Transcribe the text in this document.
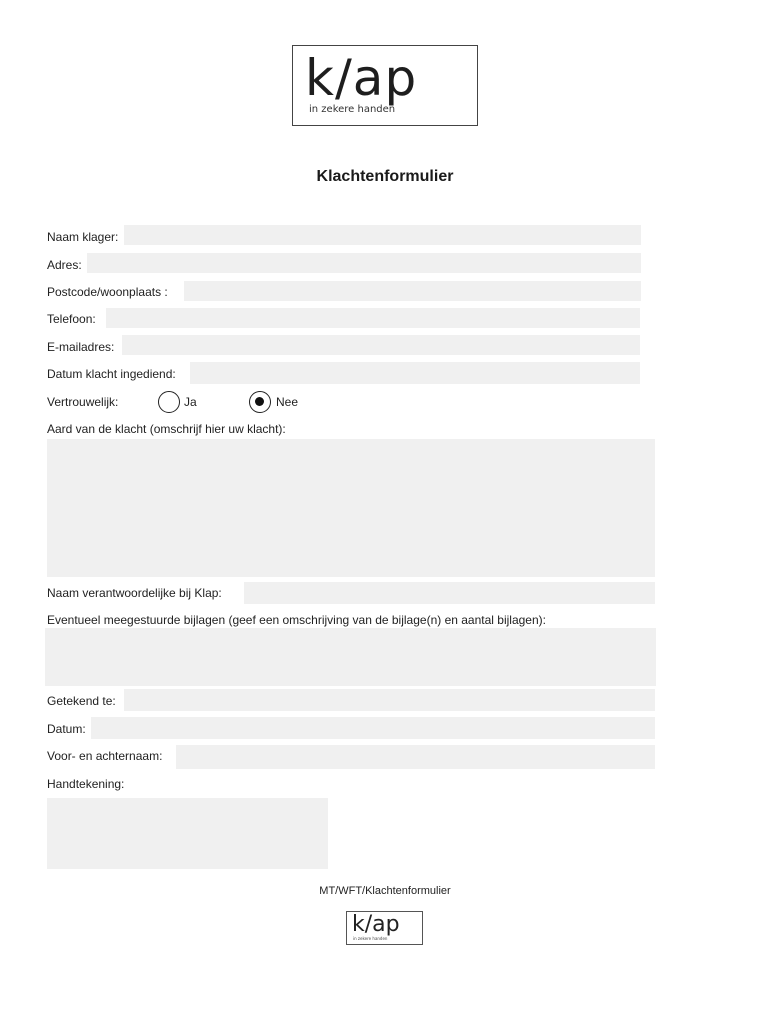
k/ap
in zekere handen
Klachtenformulier
Naam klager:
Adres:
Postcode/woonplaats :
Telefoon:
E-mailadres:
Datum klacht ingediend:
Vertrouwelijk:	Ja	Nee
Aard van de klacht (omschrijf hier uw klacht):
Naam verantwoordelijke bij Klap:
Eventueel meegestuurde bijlagen (geef een omschrijving van de bijlage(n) en aantal bijlagen):
Getekend te:
Datum:
Voor- en achternaam:
Handtekening:
MT/WFT/Klachtenformulier
k/ap
in zekere handen
